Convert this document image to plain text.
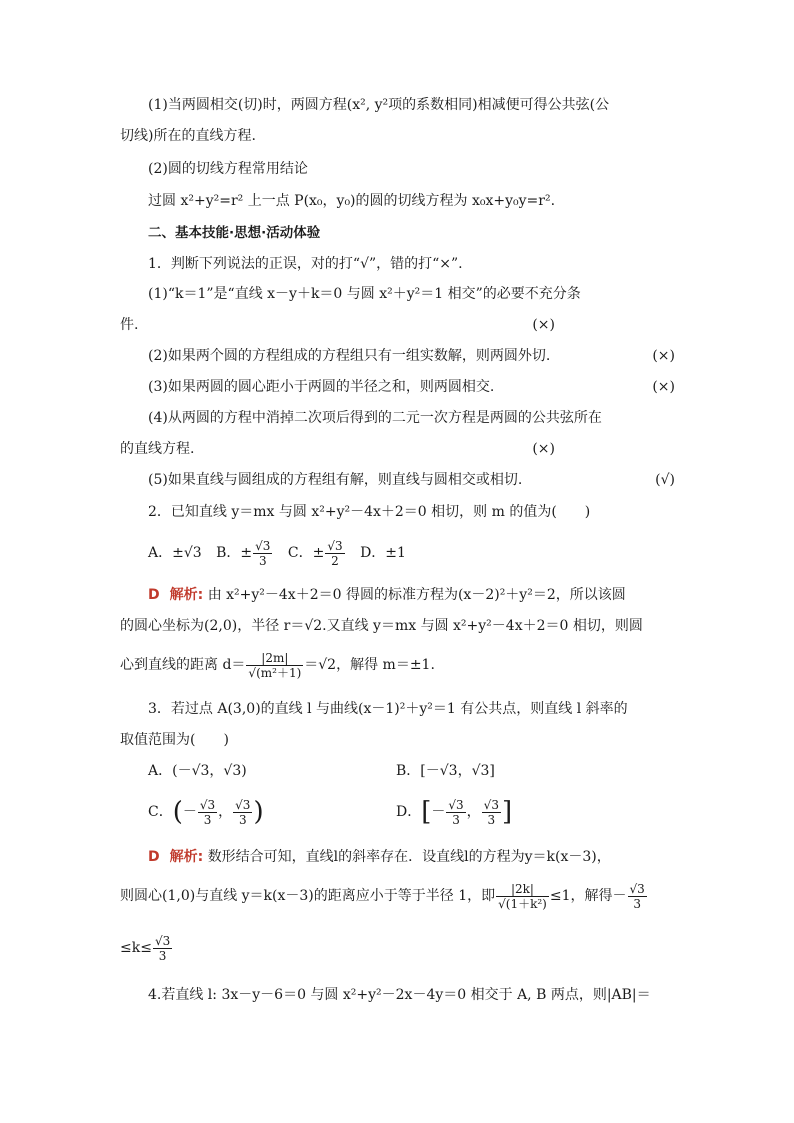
(1)当两圆相交(切)时，两圆方程(x², y²项的系数相同)相减便可得公共弦(公
切线)所在的直线方程.
(2)圆的切线方程常用结论
过圆 x²+y²=r² 上一点 P(x₀，y₀)的圆的切线方程为 x₀x+y₀y=r².
二、基本技能·思想·活动体验
1．判断下列说法的正误，对的打“√”，错的打“×”.
(1)“k＝1”是“直线 x－y＋k＝0 与圆 x²＋y²＝1 相交”的必要不充分条
件.	(×)
(2)如果两个圆的方程组成的方程组只有一组实数解，则两圆外切.	(×)
(3)如果两圆的圆心距小于两圆的半径之和，则两圆相交.	(×)
(4)从两圆的方程中消掉二次项后得到的二元一次方程是两圆的公共弦所在
的直线方程.	(×)
(5)如果直线与圆组成的方程组有解，则直线与圆相交或相切.	(√)
2．已知直线 y＝mx 与圆 x²+y²－4x＋2＝0 相切，则 m 的值为(　　)
A．±√3 B．± $\frac{√3}{3}$ C．± $\frac{√3}{2}$ D．±1
D 解析: 由 x²+y²－4x＋2＝0 得圆的标准方程为(x－2)²＋y²＝2，所以该圆
的圆心坐标为(2,0)，半径 r＝√2.又直线 y＝mx 与圆 x²+y²－4x＋2＝0 相切，则圆
心到直线的距离 $d= \frac{|2m|}{\text{√(m²＋1)}} =√2$，解得 m＝±1.
3．若过点 A(3,0)的直线 l 与曲线(x－1)²＋y²＝1 有公共点，则直线 l 斜率的
取值范围为(　　)
A．(－√3，√3)	B．[－√3，√3]
C．(－ $\frac{√3}{3}$ ， $\frac{√3}{3}$ )	D．[－ $\frac{√3}{3}$ ， $\frac{√3}{3}$ ]
D 解析: 数形结合可知，直线l的斜率存在．设直线l的方程为y＝k(x－3)，
则圆心(1,0)与直线 y＝k(x－3)的距离应小于等于半径 1，即 $\frac{|2k|}{\text{√(1＋k²)}} \le 1$，解得－ $\frac{√3}{3}$
$\le k\le \frac{√3}{3}$
4.若直线 l: 3x－y－6＝0 与圆 x²+y²－2x－4y＝0 相交于 A, B 两点，则|AB|＝
